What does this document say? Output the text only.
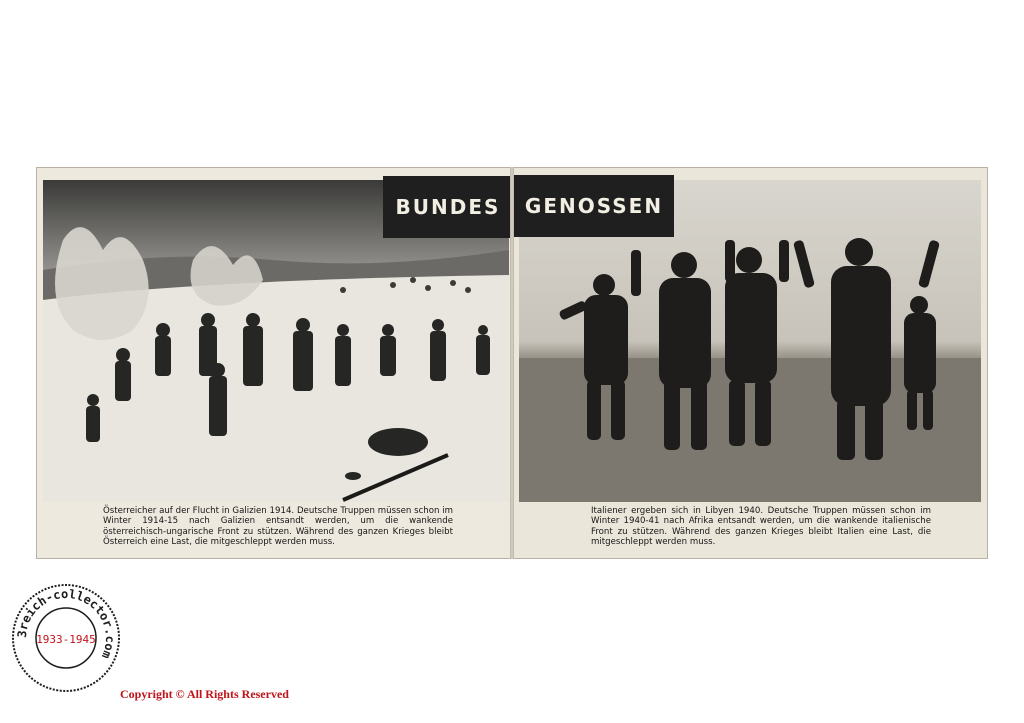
BUNDES
Österreicher auf der Flucht in Galizien 1914. Deutsche Truppen müssen schon im Winter 1914-15 nach Galizien entsandt werden, um die wankende österreichisch-ungarische Front zu stützen. Während des ganzen Krieges bleibt Österreich eine Last, die mitgeschleppt werden muss.
Italiener ergeben sich in Libyen 1940. Deutsche Truppen müssen schon im Winter 1940-41 nach Afrika entsandt werden, um die wankende italienische Front zu stützen. Während des ganzen Krieges bleibt Italien eine Last, die mitgeschleppt werden muss.
GENOSSEN
3reich-collector.com
1933-1945
Copyright © All Rights Reserved
